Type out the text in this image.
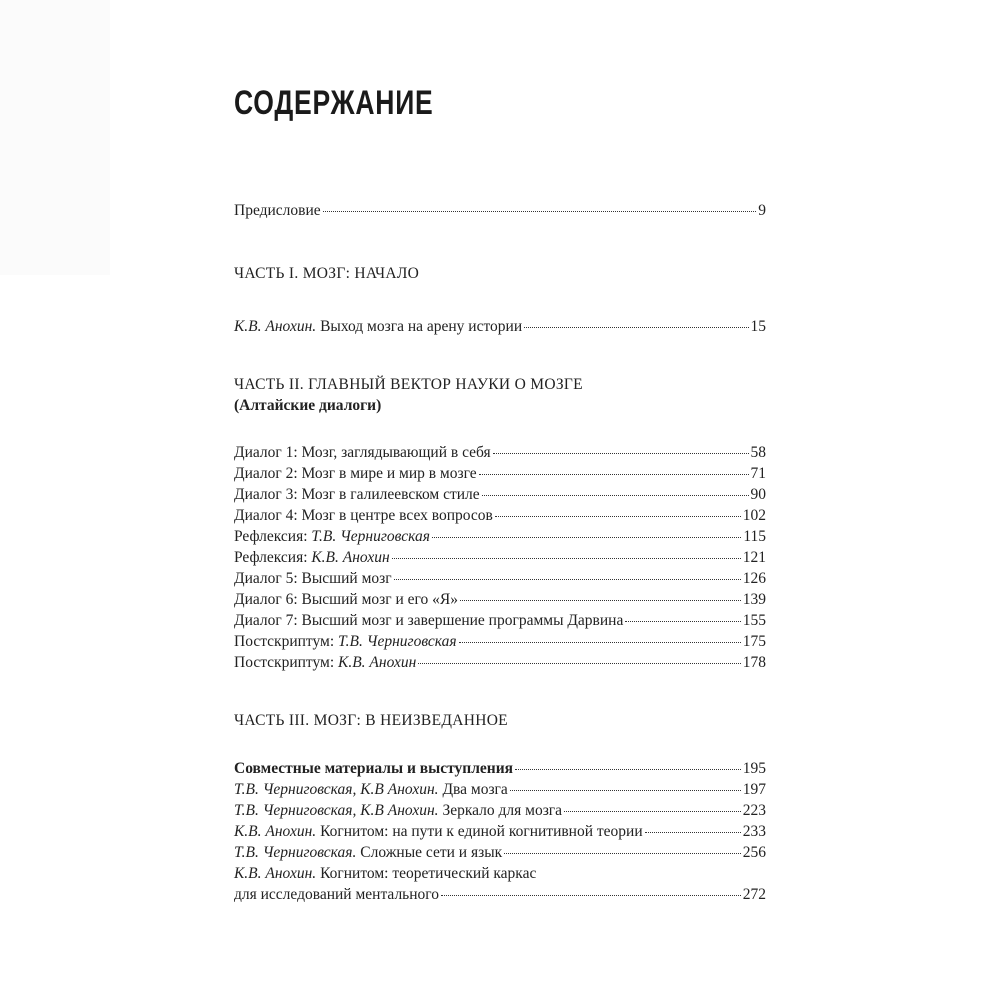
СОДЕРЖАНИЕ
Предисловие	9
ЧАСТЬ I. МОЗГ: НАЧАЛО
К.В. Анохин. Выход мозга на арену истории	15
ЧАСТЬ II. ГЛАВНЫЙ ВЕКТОР НАУКИ О МОЗГЕ
(Алтайские диалоги)
Диалог 1: Мозг, заглядывающий в себя	58
Диалог 2: Мозг в мире и мир в мозге	71
Диалог 3: Мозг в галилеевском стиле	90
Диалог 4: Мозг в центре всех вопросов	102
Рефлексия: Т.В. Черниговская	115
Рефлексия: К.В. Анохин	121
Диалог 5: Высший мозг	126
Диалог 6: Высший мозг и его «Я»	139
Диалог 7: Высший мозг и завершение программы Дарвина	155
Постскриптум: Т.В. Черниговская	175
Постскриптум: К.В. Анохин	178
ЧАСТЬ III. МОЗГ: В НЕИЗВЕДАННОЕ
Совместные материалы и выступления	195
Т.В. Черниговская, К.В Анохин. Два мозга	197
Т.В. Черниговская, К.В Анохин. Зеркало для мозга	223
К.В. Анохин. Когнитом: на пути к единой когнитивной теории	233
Т.В. Черниговская. Сложные сети и язык	256
К.В. Анохин. Когнитом: теоретический каркас
для исследований ментального	272
